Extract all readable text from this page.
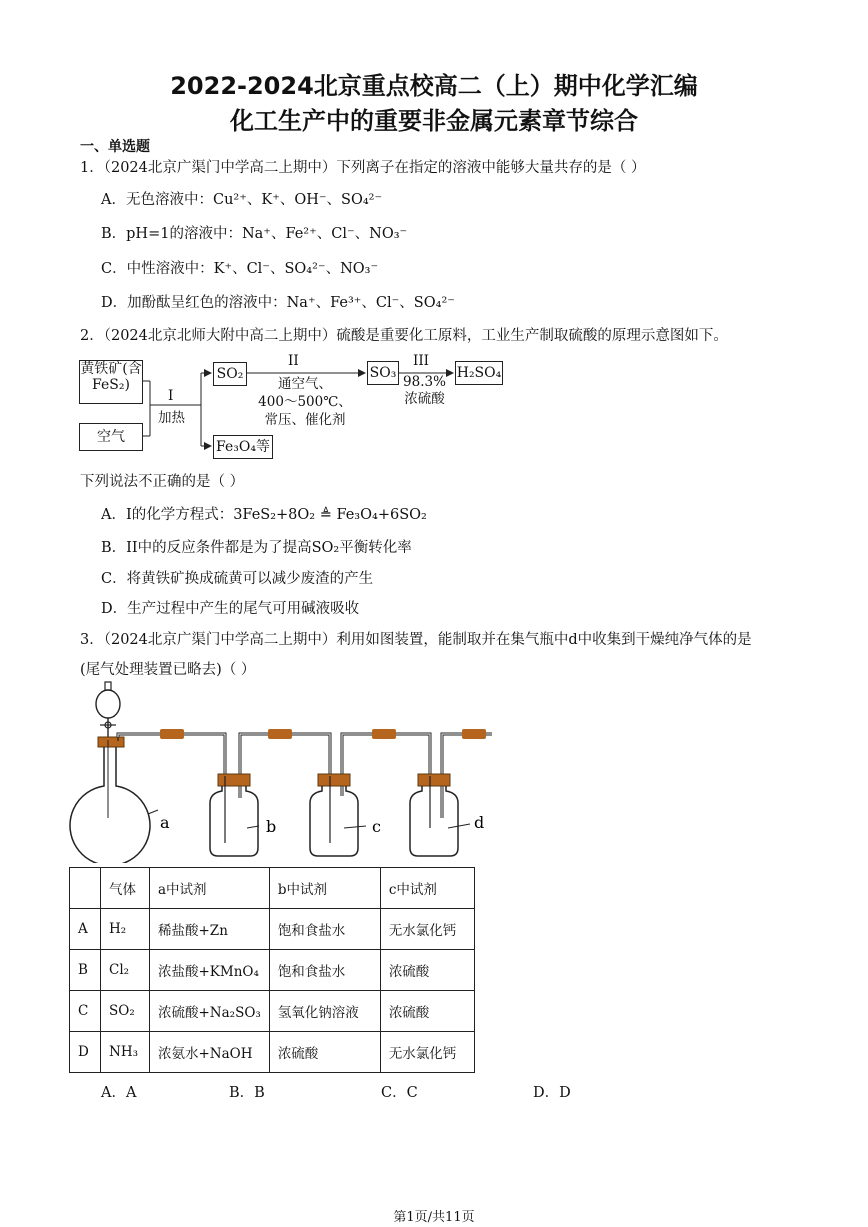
2022-2024北京重点校高二（上）期中化学汇编
化工生产中的重要非金属元素章节综合
一、单选题
1．（2024北京广渠门中学高二上期中）下列离子在指定的溶液中能够大量共存的是（ ）
A．无色溶液中：Cu²⁺、K⁺、OH⁻、SO₄²⁻
B．pH=1的溶液中：Na⁺、Fe²⁺、Cl⁻、NO₃⁻
C．中性溶液中：K⁺、Cl⁻、SO₄²⁻、NO₃⁻
D．加酚酞呈红色的溶液中：Na⁺、Fe³⁺、Cl⁻、SO₄²⁻
2．（2024北京北师大附中高二上期中）硫酸是重要化工原料，工业生产制取硫酸的原理示意图如下。
黄铁矿(含FeS₂)
空气
I
加热
SO₂
Fe₃O₄等
II
通空气、
400～500℃、
常压、催化剂
SO₃
III
98.3%
浓硫酸
H₂SO₄
下列说法不正确的是（ ）
A．I的化学方程式：3FeS₂+8O₂ ≜ Fe₃O₄+6SO₂
B．II中的反应条件都是为了提高SO₂平衡转化率
C．将黄铁矿换成硫黄可以减少废渣的产生
D．生产过程中产生的尾气可用碱液吸收
3．（2024北京广渠门中学高二上期中）利用如图装置，能制取并在集气瓶中d中收集到干燥纯净气体的是
(尾气处理装置已略去)（ ）
a	b	c	d
	气体	a中试剂	b中试剂	c中试剂
A	H₂	稀盐酸+Zn	饱和食盐水	无水氯化钙
B	Cl₂	浓盐酸+KMnO₄	饱和食盐水	浓硫酸
C	SO₂	浓硫酸+Na₂SO₃	氢氧化钠溶液	浓硫酸
D	NH₃	浓氨水+NaOH	浓硫酸	无水氯化钙
A．A	B．B	C．C	D．D
第1页/共11页
